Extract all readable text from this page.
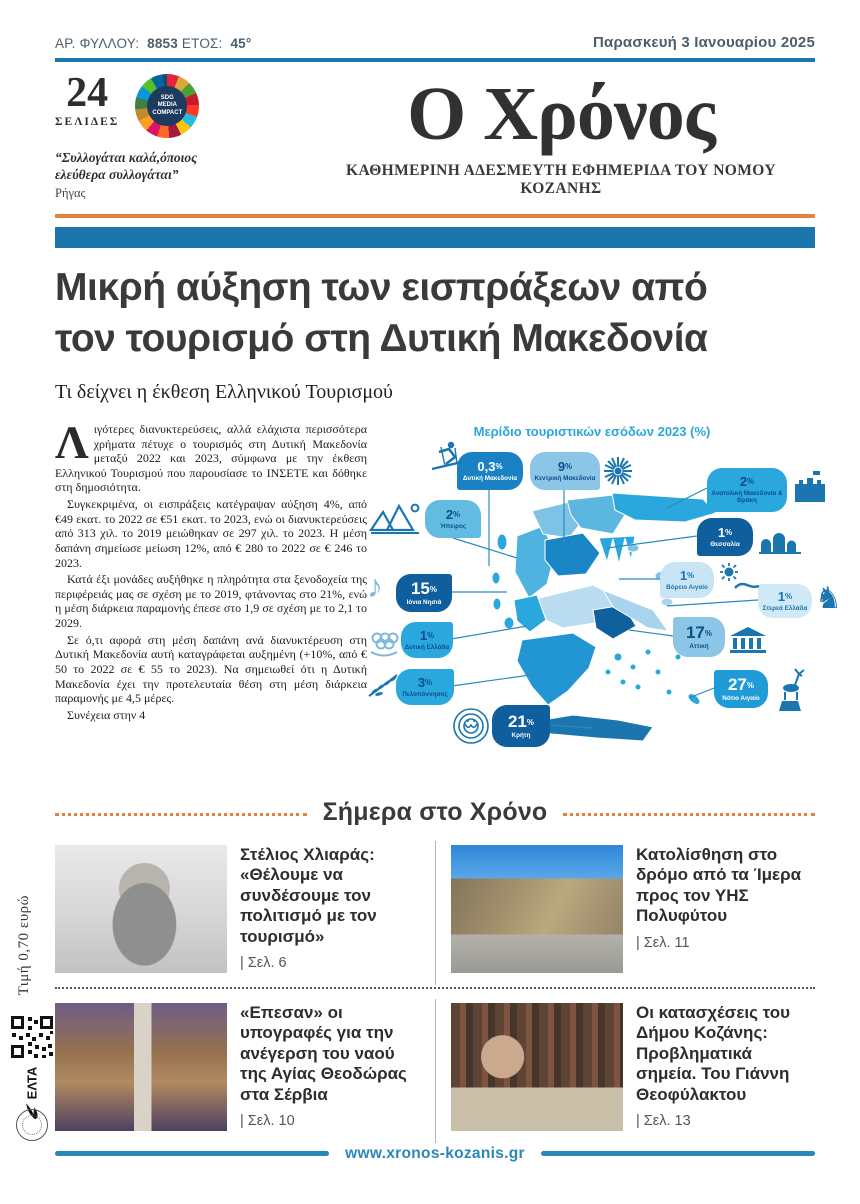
ΑΡ. ΦΥΛΛΟΥ: 8853 ΕΤΟΣ: 45°	Παρασκευή 3 Ιανουαρίου 2025
24
ΣΕΛΙΔΕΣ
SDG
MEDIA
COMPACT
“Συλλογάται καλά,όποιος
ελεύθερα συλλογάται”
Ρήγας
Ο Χρόνος
ΚΑΘΗΜΕΡΙΝΗ ΑΔΕΣΜΕΥΤΗ ΕΦΗΜΕΡΙΔΑ ΤΟΥ ΝΟΜΟΥ ΚΟΖΑΝΗΣ
Μικρή αύξηση των εισπράξεων από
τον τουρισμό στη Δυτική Μακεδονία
Τι δείχνει η έκθεση Ελληνικού Τουρισμού

Λιγότερες διανυκτερεύσεις, αλλά ελάχιστα περισσότερα χρήματα πέτυχε ο τουρισμός στη Δυτική Μακεδονία μεταξύ 2022 και 2023, σύμφωνα με την έκθεση Ελληνικού Τουρισμού που παρουσίασε το ΙΝΣΕΤΕ και δόθηκε στη δημοσιότητα.

Συγκεκριμένα, οι εισπράξεις κατέγραψαν αύξηση 4%, από €49 εκατ. το 2022 σε €51 εκατ. το 2023, ενώ οι διανυκτερεύσεις από 313 χιλ. το 2019 μειώθηκαν σε 297 χιλ. το 2023. Η μέση δαπάνη σημείωσε μείωση 12%, από € 280 το 2022 σε € 246 το 2023.

Κατά έξι μονάδες αυξήθηκε η πληρότητα στα ξενοδοχεία της περιφέρειάς μας σε σχέση με το 2019, φτάνοντας στο 21%, ενώ η μέση διάρκεια παραμονής έπεσε στο 1,9 σε σχέση με το 2,1 το 2029.

Σε ό,τι αφορά στη μέση δαπάνη ανά διανυκτέρευση στη Δυτική Μακεδονία αυτή καταγράφεται αυξημένη (+10%, από € 50 το 2022 σε € 55 το 2023). Να σημειωθεί ότι η Δυτική Μακεδονία έχει την προτελευταία θέση στη μέση διάρκεια παραμονής με 4,5 μέρες.

Συνέχεια στην 4

Μερίδιο τουριστικών εσόδων 2023 (%)
0,3%
Δυτική Μακεδονία
9%
Κεντρική Μακεδονία	2%
Ανατολική Μακεδονία & Θράκη
2%
Ήπειρος	1%
Θεσσαλία
1%
Βόρειο Αιγαίο
15%
Ιόνια Νησιά	1%
Στερεά Ελλάδα
1%
Δυτική Ελλάδα
17%
Αττική
3%
Πελοπόννησος
27%
Νότιο Αιγαίο
21%
Κρήτη
♪	♞
Σήμερα στο Χρόνο
Στέλιος Χλιαράς: «Θέλουμε να συνδέσουμε τον πολιτισμό με τον τουρισμό»
| Σελ. 6
Κατολίσθηση στο δρόμο από τα Ίμερα προς τον ΥΗΣ Πολυφύτου
| Σελ. 11
«Επεσαν» οι υπογραφές για την ανέγερση του ναού της Αγίας Θεοδώρας στα Σέρβια
| Σελ. 10
Οι κατασχέσεις του Δήμου Κοζάνης: Προβληματικά σημεία. Του Γιάννη Θεοφύλακτου
| Σελ. 13
www.xronos-kozanis.gr
Τιμή 0,70 ευρώ
ΕΛΤΑ
